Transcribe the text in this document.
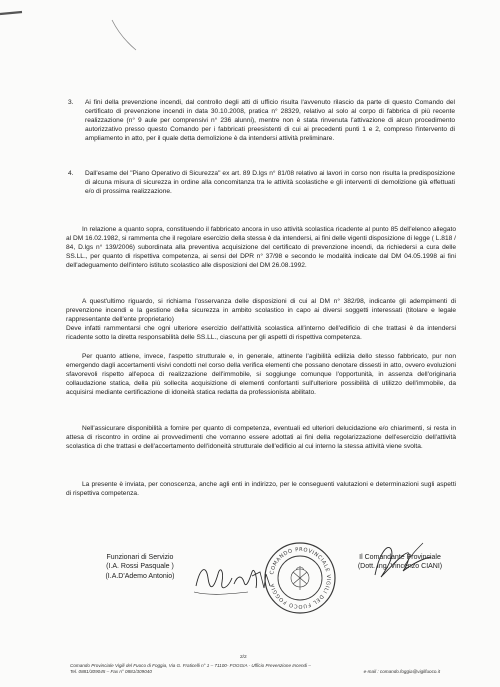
3. Ai fini della prevenzione incendi, dal controllo degli atti di ufficio risulta l'avvenuto rilascio da parte di questo Comando del certificato di prevenzione incendi in data 30.10.2008, pratica n° 28329, relativo al solo al corpo di fabbrica di più recente realizzazione (n° 9 aule per comprensivi n° 236 alunni), mentre non è stata rinvenuta l'attivazione di alcun procedimento autorizzativo presso questo Comando per i fabbricati preesistenti di cui ai precedenti punti 1 e 2, compreso l'intervento di ampliamento in atto, per il quale detta demolizione è da intendersi attività preliminare.
4. Dall'esame del "Piano Operativo di Sicurezza" ex art. 89 D.lgs n° 81/08 relativo ai lavori in corso non risulta la predisposizione di alcuna misura di sicurezza in ordine alla concomitanza tra le attività scolastiche e gli interventi di demolizione già effettuati e/o di prossima realizzazione.
In relazione a quanto sopra, constituendo il fabbricato ancora in uso attività scolastica ricadente al punto 85 dell'elenco allegato al DM 16.02.1982, si rammenta che il regolare esercizio della stessa è da intendersi, ai fini delle vigenti disposizione di legge ( L.818 / 84, D.lgs n° 139/2006) subordinata alla preventiva acquisizione del certificato di prevenzione incendi, da richiedersi a cura delle SS.LL., per quanto di rispettiva competenza, ai sensi del DPR n° 37/98 e secondo le modalità indicate dal DM 04.05.1998 ai fini dell'adeguamento dell'intero istituto scolastico alle disposizioni del DM 26.08.1992.
A quest'ultimo riguardo, si richiama l'osservanza delle disposizioni di cui al DM n° 382/98, indicante gli adempimenti di prevenzione incendi e la gestione della sicurezza in ambito scolastico in capo ai diversi soggetti interessati (titolare e legale rappresentante dell'ente proprietario)
Deve infatti rammentarsi che ogni ulteriore esercizio dell'attività scolastica all'interno dell'edificio di che trattasi è da intendersi ricadente sotto la diretta responsabilità delle SS.LL., ciascuna per gli aspetti di rispettiva competenza.
Per quanto attiene, invece, l'aspetto strutturale e, in generale, attinente l'agibilità edilizia dello stesso fabbricato, pur non emergendo dagli accertamenti visivi condotti nel corso della verifica elementi che possano denotare dissesti in atto, ovvero evoluzioni sfavorevoli rispetto all'epoca di realizzazione dell'immobile, si soggiunge comunque l'opportunità, in assenza dell'originaria collaudazione statica, della più sollecita acquisizione di elementi confortanti sull'ulteriore possibilità di utilizzo dell'immobile, da acquisirsi mediante certificazione di idoneità statica redatta da professionista abilitato.
Nell'assicurare disponibilità a fornire per quanto di competenza, eventuali ed ulteriori delucidazione e/o chiarimenti, si resta in attesa di riscontro in ordine ai provvedimenti che vorranno essere adottati ai fini della regolarizzazione dell'esercizio dell'attività scolastica di che trattasi e dell'accertamento dell'idoneità strutturale dell'edificio al cui interno la stessa attività viene svolta.
La presente è inviata, per conoscenza, anche agli enti in indirizzo, per le conseguenti valutazioni e determinazioni sugli aspetti di rispettiva competenza.
Funzionari di Servizio
(I.A. Rossi Pasquale )
(I.A.D'Ademo Antonio)
COMANDO PROVINCIALE VIGILI DEL FUOCO FOGGIA
Il Comandante Provinciale
(Dott. Ing. Vincenzo CIANI)
2/2
Comando Provinciale Vigili del Fuoco di Foggia, Via G. Fraticelli n° 1 – 71100- FOGGIA - Ufficio Prevenzione Incendi –
Tel. 0881/309045 – Fax n° 0881/309040	e-mail : comando.foggia@vigilfuoco.it
